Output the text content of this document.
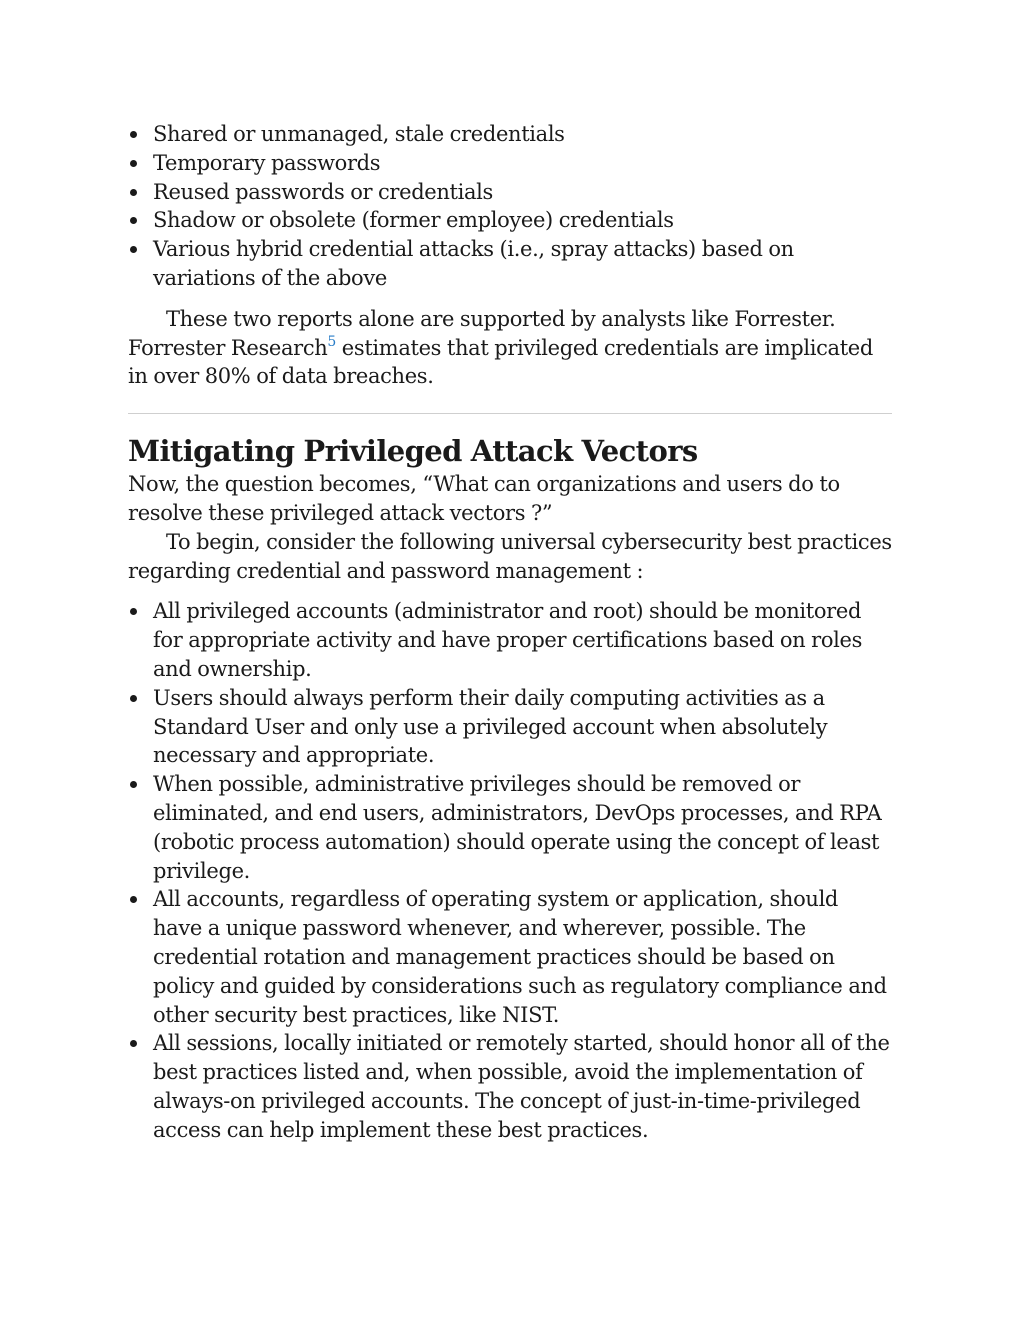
Shared or unmanaged, stale credentials
Temporary passwords
Reused passwords or credentials
Shadow or obsolete (former employee) credentials
Various hybrid credential attacks (i.e., spray attacks) based on variations of the above

These two reports alone are supported by analysts like Forrester. Forrester Research$^5$ estimates that privileged credentials are implicated in over 80% of data breaches.

Mitigating Privileged Attack Vectors

Now, the question becomes, “What can organizations and users do to resolve these privileged attack vectors ?”

To begin, consider the following universal cybersecurity best practices regarding credential and password management :

All privileged accounts (administrator and root) should be monitored for appropriate activity and have proper certifications based on roles and ownership.
Users should always perform their daily computing activities as a Standard User and only use a privileged account when absolutely necessary and appropriate.
When possible, administrative privileges should be removed or eliminated, and end users, administrators, DevOps processes, and RPA (robotic process automation) should operate using the concept of least privilege.
All accounts, regardless of operating system or application, should have a unique password whenever, and wherever, possible. The credential rotation and management practices should be based on policy and guided by considerations such as regulatory compliance and other security best practices, like NIST.
All sessions, locally initiated or remotely started, should honor all of the best practices listed and, when possible, avoid the implementation of always-on privileged accounts. The concept of just-in-time-privileged access can help implement these best practices.
